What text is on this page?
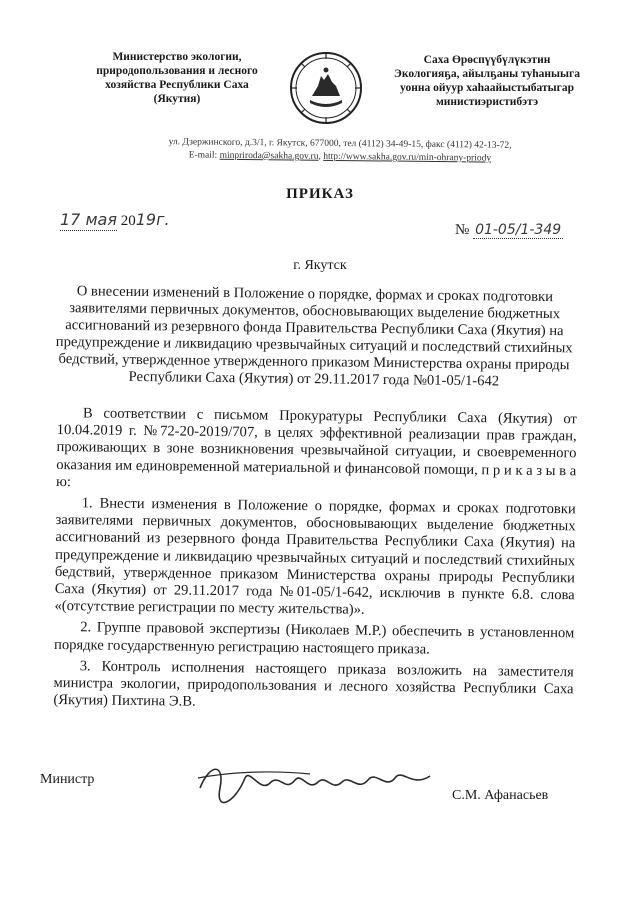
Министерство экологии,
природопользования и лесного
хозяйства Республики Саха
(Якутия)
Саха Өрөспүүбүлүкэтин
Экологияҕа, айылҕаны туһаныыга
уонна ойуур хаһаайыстыбатыгар
министиэристибэтэ
ул. Дзержинского, д.3/1, г. Якутск, 677000, тел (4112) 34-49-15, факс (4112) 42-13-72,
E-mail: minpriroda@sakha.gov.ru, http://www.sakha.gov.ru/min-ohrany-priody
ПРИКАЗ
17 мая 2019г.
№ 01-05/1-349
г. Якутск
О внесении изменений в Положение о порядке, формах и сроках подготовки заявителями первичных документов, обосновывающих выделение бюджетных ассигнований из резервного фонда Правительства Республики Саха (Якутия) на предупреждение и ликвидацию чрезвычайных ситуаций и последствий стихийных бедствий, утвержденное утвержденного приказом Министерства охраны природы Республики Саха (Якутия) от 29.11.2017 года №01-05/1-642

В соответствии с письмом Прокуратуры Республики Саха (Якутия) от 10.04.2019 г. №72-20-2019/707, в целях эффективной реализации прав граждан, проживающих в зоне возникновения чрезвычайной ситуации, и своевременного оказания им единовременной материальной и финансовой помощи, п р и к а з ы в а ю:

1. Внести изменения в Положение о порядке, формах и сроках подготовки заявителями первичных документов, обосновывающих выделение бюджетных ассигнований из резервного фонда Правительства Республики Саха (Якутия) на предупреждение и ликвидацию чрезвычайных ситуаций и последствий стихийных бедствий, утвержденное приказом Министерства охраны природы Республики Саха (Якутия) от 29.11.2017 года №01-05/1-642, исключив в пункте 6.8. слова «(отсутствие регистрации по месту жительства)».

2. Группе правовой экспертизы (Николаев М.Р.) обеспечить в установленном порядке государственную регистрацию настоящего приказа.

3. Контроль исполнения настоящего приказа возложить на заместителя министра экологии, природопользования и лесного хозяйства Республики Саха (Якутия) Пихтина Э.В.

Министр
С.М. Афанасьев
